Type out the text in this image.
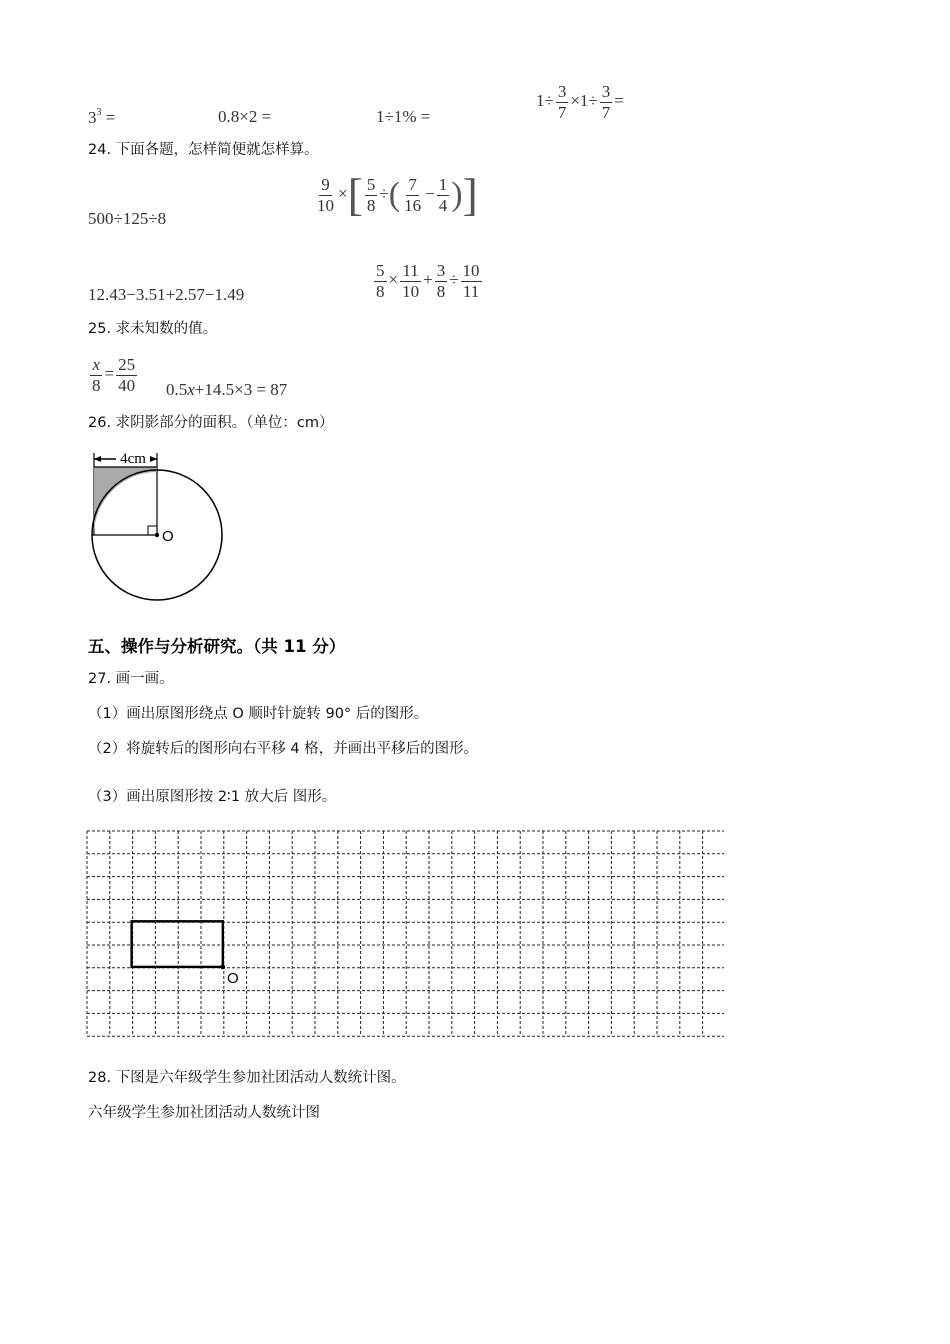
$3^3$ =	0.8×2 =	1÷1% =
$1\div \frac{3}{7} \times 1\div \frac{3}{7}$ =
24. 下面各题，怎样简便就怎样算。
500÷125÷8
$\frac{9}{10}$ ×[ $\frac{5}{8}$ ÷( $\frac{7}{16} - \frac{1}{4}$ )]
12.43−3.51+2.57−1.49	$\frac{5}{8} \times \frac{11}{10} + \frac{3}{8} \div \frac{10}{11}$
25. 求未知数的值。
$\frac{x}{8} = \frac{25}{40} 0.5x+14.5\times 3 = 87$
26. 求阴影部分的面积。（单位：cm）
4cm
O
五、操作与分析研究。（共 11 分）
27. 画一画。
（1）画出原图形绕点 O 顺时针旋转 90° 后的图形。
（2）将旋转后的图形向右平移 4 格，并画出平移后的图形。
（3）画出原图形按 2∶1 放大后 图形。
O
28. 下图是六年级学生参加社团活动人数统计图。
六年级学生参加社团活动人数统计图
